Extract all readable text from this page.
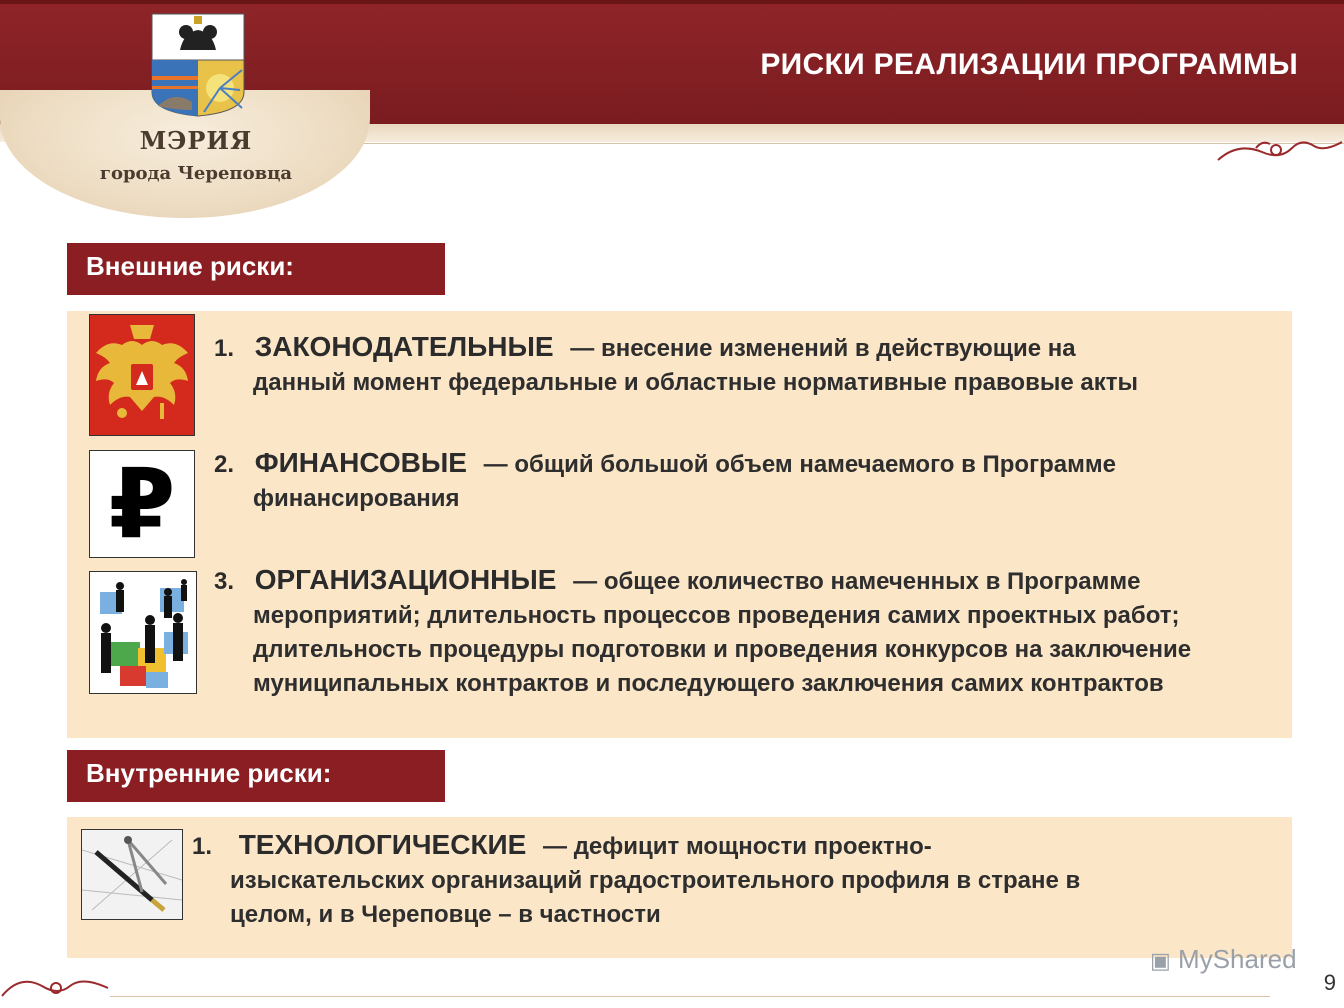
РИСКИ РЕАЛИЗАЦИИ ПРОГРАММЫ
МЭРИЯ
города Череповца
Внешние риски:
₽
1. ЗАКОНОДАТЕЛЬНЫЕ — внесение изменений в действующие на
данный момент федеральные и областные нормативные правовые акты
2. ФИНАНСОВЫЕ — общий большой объем намечаемого в Программе
финансирования
3. ОРГАНИЗАЦИОННЫЕ — общее количество намеченных в Программе
мероприятий; длительность процессов проведения самих проектных работ; длительность процедуры подготовки и проведения конкурсов на заключение муниципальных контрактов и последующего заключения самих контрактов
Внутренние риски:
1. ТЕХНОЛОГИЧЕСКИЕ — дефицит мощности проектно-
изыскательских организаций градостроительного профиля в стране в целом, и в Череповце – в частности
▣ MyShared
9
